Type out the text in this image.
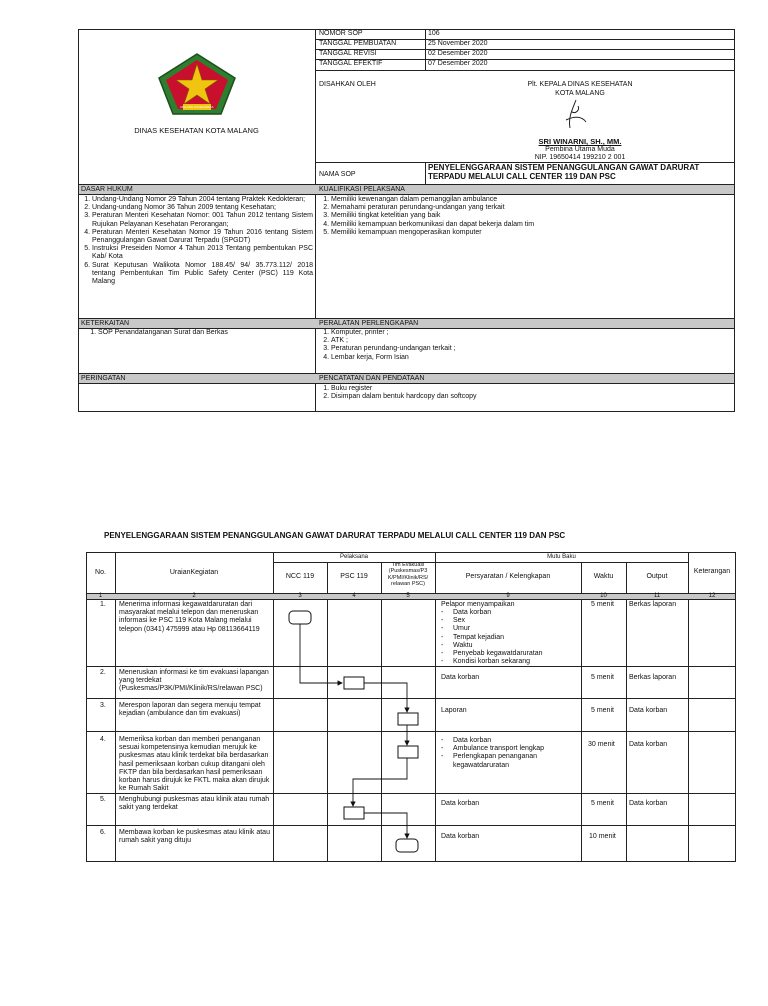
NOMOR SOP	106
TANGGAL PEMBUATAN	25 November 2020
TANGGAL REVISI	02 Desember 2020
TANGGAL EFEKTIF	07 Desember 2020
MALANG KUCECWARA
DINAS KESEHATAN KOTA MALANG
DISAHKAN OLEH	Plt. KEPALA DINAS KESEHATAN
KOTA MALANG
SRI WINARNI, SH., MM.
Pembina Utama Muda
NIP. 19650414 199210 2 001
NAMA SOP
PENYELENGGARAAN SISTEM PENANGGULANGAN GAWAT DARURAT TERPADU MELALUI CALL CENTER 119 DAN PSC
DASAR HUKUM	KUALIFIKASI PELAKSANA
1. Undang-Undang Nomor 29 Tahun 2004 tentang Praktek Kedokteran;
2. Undang-undang Nomor 36 Tahun 2009 tentang Kesehatan;
3. Peraturan Menteri Kesehatan Nomor: 001 Tahun 2012 tentang Sistem Rujukan Pelayanan Kesehatan Perorangan;
4. Peraturan Menteri Kesehatan Nomor 19 Tahun 2016 tentang Sistem Penanggulangan Gawat Darurat Terpadu (SPGDT)
5. Instruksi Preseiden Nomor 4 Tahun 2013 Tentang pembentukan PSC Kab/ Kota
6. Surat Keputusan Walikota Nomor 188.45/ 94/ 35.773.112/ 2018 tentang Pembentukan Tim Public Safety Center (PSC) 119 Kota Malang
1. Memiliki kewenangan dalam pemanggilan ambulance
2. Memahami peraturan perundang-undangan yang terkait
3. Memiliki tingkat ketelitian yang baik
4. Memiliki kemampuan berkomunikasi dan dapat bekerja dalam tim
5. Memiliki kemampuan mengoperasikan komputer
KETERKAITAN	PERALATAN PERLENGKAPAN
1. SOP Penandatanganan Surat dan Berkas
1.	Komputer, printer ;
2. ATK ;
3. Peraturan perundang-undangan terkait ;
4. Lembar kerja, Form Isian
PERINGATAN	PENCATATAN DAN PENDATAAN
1. Buku register
2. Disimpan dalam bentuk hardcopy dan softcopy
PENYELENGGARAAN SISTEM PENANGGULANGAN GAWAT DARURAT TERPADU MELALUI CALL CENTER 119 DAN PSC
No.	UraianKegiatan
Pelaksana	Mutu Baku
NCC 119	PSC 119
Tim Evakuasi (Puskesmas/P3 K/PMI/Klinik/RS/ relawan PSC)
Persyaratan / Kelengkapan	Waktu	Output
Keterangan
1	2	3	4	5	9	10	11	12
1. Menerima informasi kegawatdaruratan dari masyarakat melalui telepon dan meneruskan informasi ke PSC 119 Kota Malang melalui telepon (0341) 475999 atau Hp 08113664119
Pelapor menyampaikan
- Data korban
- Sex
- Umur
- Tempat kejadian
- Waktu
- Penyebab kegawatdaruratan
- Kondisi korban sekarang
5 menit Berkas laporan
2. Meneruskan informasi ke tim evakuasi lapangan yang terdekat (Puskesmas/P3K/PMI/Klinik/RS/relawan PSC)
Data korban	5 menit Berkas laporan
3. Merespon laporan dan segera menuju tempat kejadian (ambulance dan tim evakuasi)	Laporan	5 menit Data korban
4. Memeriksa korban dan memberi penanganan sesuai kompetensinya kemudian merujuk ke puskesmas atau klinik terdekat bila berdasarkan hasil pemeriksaan korban cukup ditangani oleh FKTP dan bila berdasarkan hasil pemeriksaan korban harus dirujuk ke FKTL maka akan dirujuk ke Rumah Sakit
- Data korban
- Ambulance transport lengkap
- Perlengkapan penanganan kegawatdaruratan
30 menit Data korban
5. Menghubungi puskesmas atau klinik atau rumah sakit yang terdekat
Data korban	5 menit Data korban
6. Membawa korban ke puskesmas atau klinik atau rumah sakit yang dituju
Data korban	10 menit
